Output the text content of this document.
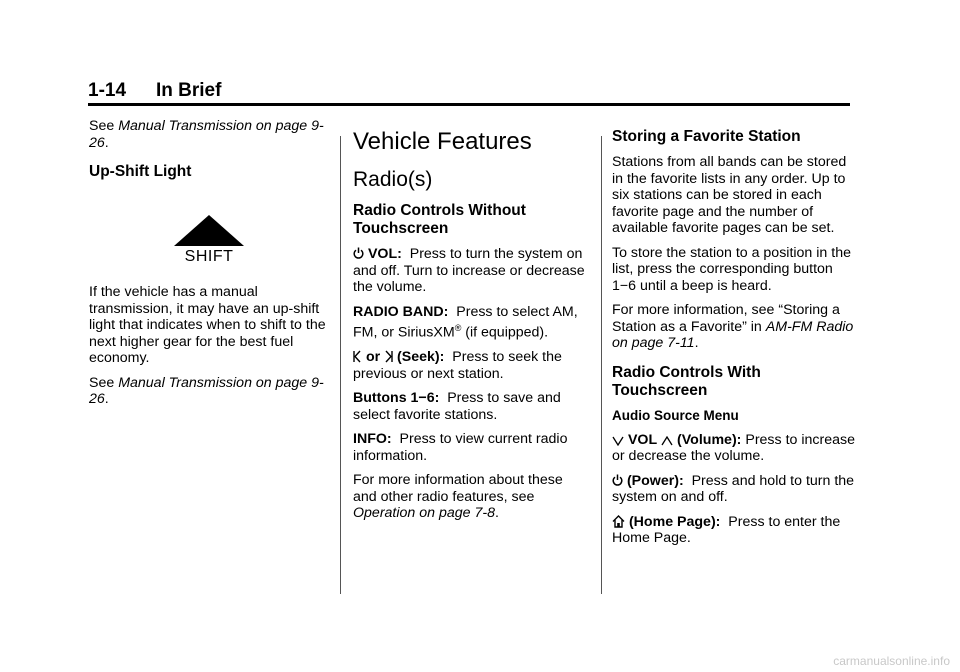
1-14 In Brief

See Manual Transmission on page 9-26.

Up-Shift Light
SHIFT

If the vehicle has a manual transmission, it may have an up-shift light that indicates when to shift to the next higher gear for the best fuel economy.

See Manual Transmission on page 9-26.

Vehicle Features
Radio(s)
Radio Controls Without Touchscreen

VOL: Press to turn the system on and off. Turn to increase or decrease the volume.

RADIO BAND: Press to select AM, FM, or SiriusXM® (if equipped).

or (Seek): Press to seek the previous or next station.

Buttons 1−6: Press to save and select favorite stations.

INFO: Press to view current radio information.

For more information about these and other radio features, see Operation on page 7-8.

Storing a Favorite Station

Stations from all bands can be stored in the favorite lists in any order. Up to six stations can be stored in each favorite page and the number of available favorite pages can be set.

To store the station to a position in the list, press the corresponding button 1−6 until a beep is heard.

For more information, see “Storing a Station as a Favorite” in AM-FM Radio on page 7-11.

Radio Controls With Touchscreen
Audio Source Menu

VOL (Volume): Press to increase or decrease the volume.

(Power): Press and hold to turn the system on and off.

(Home Page): Press to enter the Home Page.

carmanualsonline.info
